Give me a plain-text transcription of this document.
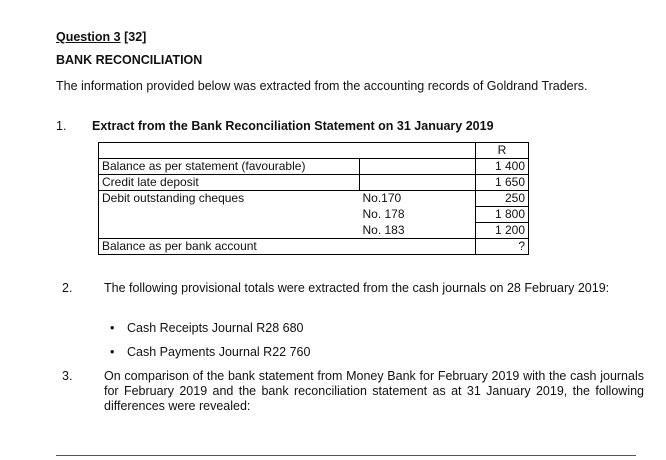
Question 3 [32]
BANK RECONCILIATION
The information provided below was extracted from the accounting records of Goldrand Traders.
1. Extract from the Bank Reconciliation Statement on 31 January 2019
		R
Balance as per statement (favourable)		1 400
Credit late deposit		1 650
Debit outstanding cheques	No.170	250
	No. 178	1 800
	No. 183	1 200
Balance as per bank account		?
2.	The following provisional totals were extracted from the cash journals on 28 February 2019:
• Cash Receipts Journal R28 680
• Cash Payments Journal R22 760
3.	On comparison of the bank statement from Money Bank for February 2019 with the cash journals for February 2019 and the bank reconciliation statement as at 31 January 2019, the following differences were revealed:
